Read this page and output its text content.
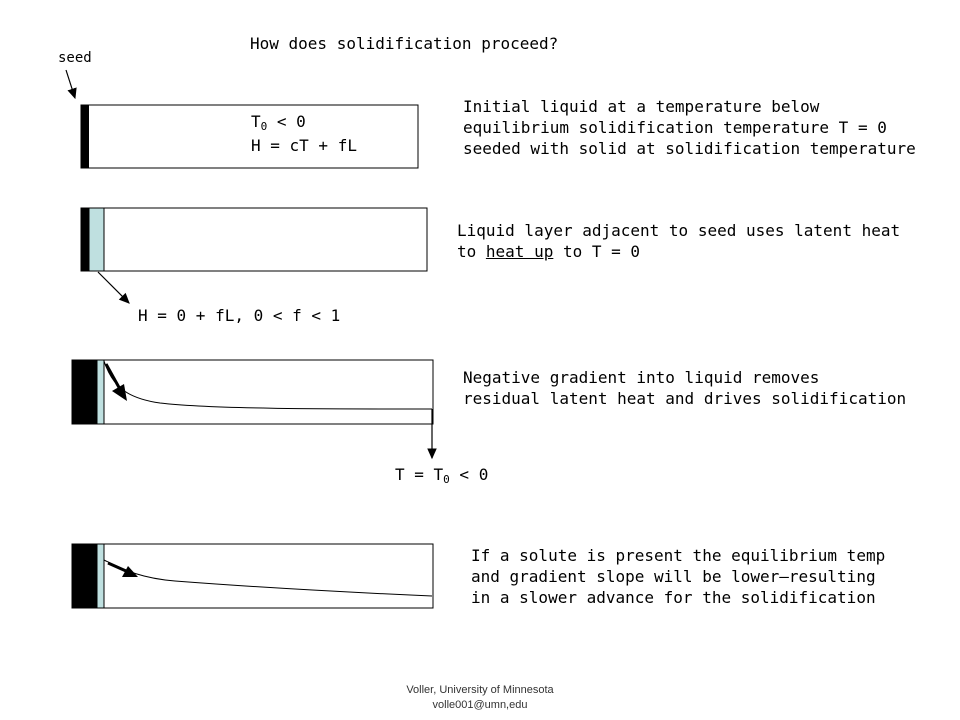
How does solidification proceed?
seed
$T_0 < 0$
H = cT + fL
Initial liquid at a temperature below
equilibrium solidification temperature T = 0
seeded with solid at solidification temperature
Liquid layer adjacent to seed uses latent heat
to heat up to T = 0
H = 0 + fL, 0 < f < 1
Negative gradient into liquid removes
residual latent heat and drives solidification
$T = T_0 < 0$
If a solute is present the equilibrium temp
and gradient slope will be lower—resulting
in a slower advance for the solidification
Voller, University of Minnesota
volle001@umn,edu
